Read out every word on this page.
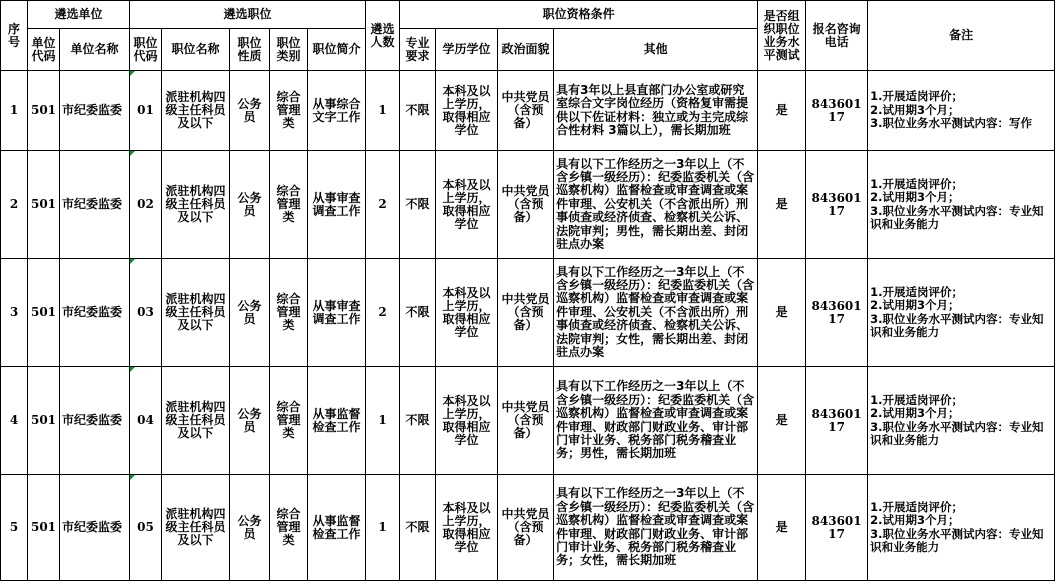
序号	遴选单位		遴选职位					遴选人数	职位资格条件				是否组织职位业务水平测试	报名咨询电话	备注
	单位代码	单位名称	职位代码	职位名称	职位性质	职位类别	职位简介		专业要求	学历学位	政治面貌	其他			
1	501	市纪委监委	01	派驻机构四级主任科员及以下	公务员	综合管理类	从事综合文字工作	1	不限	本科及以上学历，取得相应学位	中共党员（含预备）	具有3年以上县直部门办公室或研究室综合文字岗位经历（资格复审需提供以下佐证材料：独立或为主完成综合性材料 3篇以上），需长期加班	是	84360117	1.开展适岗评价；
2.试用期3个月；
3.职位业务水平测试内容：写作

2	501	市纪委监委	02	派驻机构四级主任科员及以下	公务员	综合管理类	从事审查调查工作	2	不限	本科及以上学历，取得相应学位	中共党员（含预备）	具有以下工作经历之一3年以上（不含乡镇一级经历）：纪委监委机关（含巡察机构）监督检查或审查调查或案件审理、公安机关（不含派出所）刑事侦查或经济侦查、检察机关公诉、法院审判；男性，需长期出差、封闭驻点办案	是	84360117	1.开展适岗评价；
2.试用期3个月；
3.职位业务水平测试内容：专业知识和业务能力

3	501	市纪委监委	03	派驻机构四级主任科员及以下	公务员	综合管理类	从事审查调查工作	2	不限	本科及以上学历，取得相应学位	中共党员（含预备）	具有以下工作经历之一3年以上（不含乡镇一级经历）：纪委监委机关（含巡察机构）监督检查或审查调查或案件审理、公安机关（不含派出所）刑事侦查或经济侦查、检察机关公诉、法院审判；女性，需长期出差、封闭驻点办案	是	84360117	1.开展适岗评价；
2.试用期3个月；
3.职位业务水平测试内容：专业知识和业务能力

4	501	市纪委监委	04	派驻机构四级主任科员及以下	公务员	综合管理类	从事监督检查工作	1	不限	本科及以上学历，取得相应学位	中共党员（含预备）	具有以下工作经历之一3年以上（不含乡镇一级经历）：纪委监委机关（含巡察机构）监督检查或审查调查或案件审理、财政部门财政业务、审计部门审计业务、税务部门税务稽查业务；男性，需长期加班	是	84360117	1.开展适岗评价；
2.试用期3个月；
3.职位业务水平测试内容：专业知识和业务能力

5	501	市纪委监委	05	派驻机构四级主任科员及以下	公务员	综合管理类	从事监督检查工作	1	不限	本科及以上学历，取得相应学位	中共党员（含预备）	具有以下工作经历之一3年以上（不含乡镇一级经历）：纪委监委机关（含巡察机构）监督检查或审查调查或案件审理、财政部门财政业务、审计部门审计业务、税务部门税务稽查业务；女性，需长期加班	是	84360117	1.开展适岗评价；
2.试用期3个月；
3.职位业务水平测试内容：专业知识和业务能力
